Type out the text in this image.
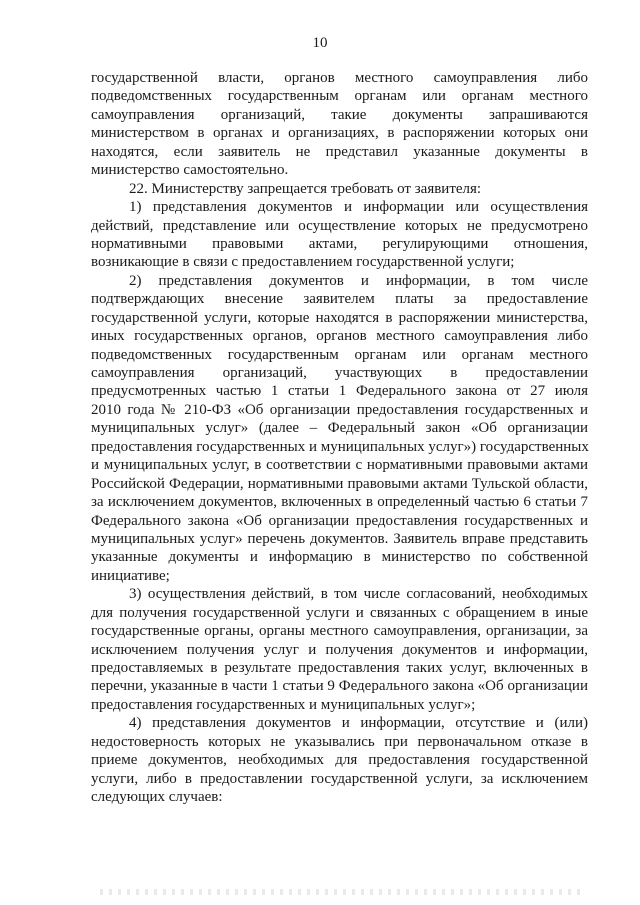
10
государственной власти, органов местного самоуправления либо
подведомственных государственным органам или органам местного
самоуправления организаций, такие документы запрашиваются
министерством в органах и организациях, в распоряжении которых они
находятся, если заявитель не представил указанные документы в
министерство самостоятельно.
22. Министерству запрещается требовать от заявителя:
1) представления документов и информации или осуществления
действий, представление или осуществление которых не предусмотрено
нормативными правовыми актами, регулирующими отношения,
возникающие в связи с предоставлением государственной услуги;
2) представления документов и информации, в том числе
подтверждающих внесение заявителем платы за предоставление
государственной услуги, которые находятся в распоряжении министерства,
иных государственных органов, органов местного самоуправления либо
подведомственных государственным органам или органам местного
самоуправления организаций, участвующих в предоставлении
предусмотренных частью 1 статьи 1 Федерального закона от 27 июля
2010 года № 210-ФЗ «Об организации предоставления государственных и
муниципальных услуг» (далее – Федеральный закон «Об организации
предоставления государственных и муниципальных услуг») государственных
и муниципальных услуг, в соответствии с нормативными правовыми актами
Российской Федерации, нормативными правовыми актами Тульской области,
за исключением документов, включенных в определенный частью 6 статьи 7
Федерального закона «Об организации предоставления государственных и
муниципальных услуг» перечень документов. Заявитель вправе представить
указанные документы и информацию в министерство по собственной
инициативе;
3) осуществления действий, в том числе согласований, необходимых
для получения государственной услуги и связанных с обращением в иные
государственные органы, органы местного самоуправления, организации, за
исключением получения услуг и получения документов и информации,
предоставляемых в результате предоставления таких услуг, включенных в
перечни, указанные в части 1 статьи 9 Федерального закона «Об организации
предоставления государственных и муниципальных услуг»;
4) представления документов и информации, отсутствие и (или)
недостоверность которых не указывались при первоначальном отказе в
приеме документов, необходимых для предоставления государственной
услуги, либо в предоставлении государственной услуги, за исключением
следующих случаев:
